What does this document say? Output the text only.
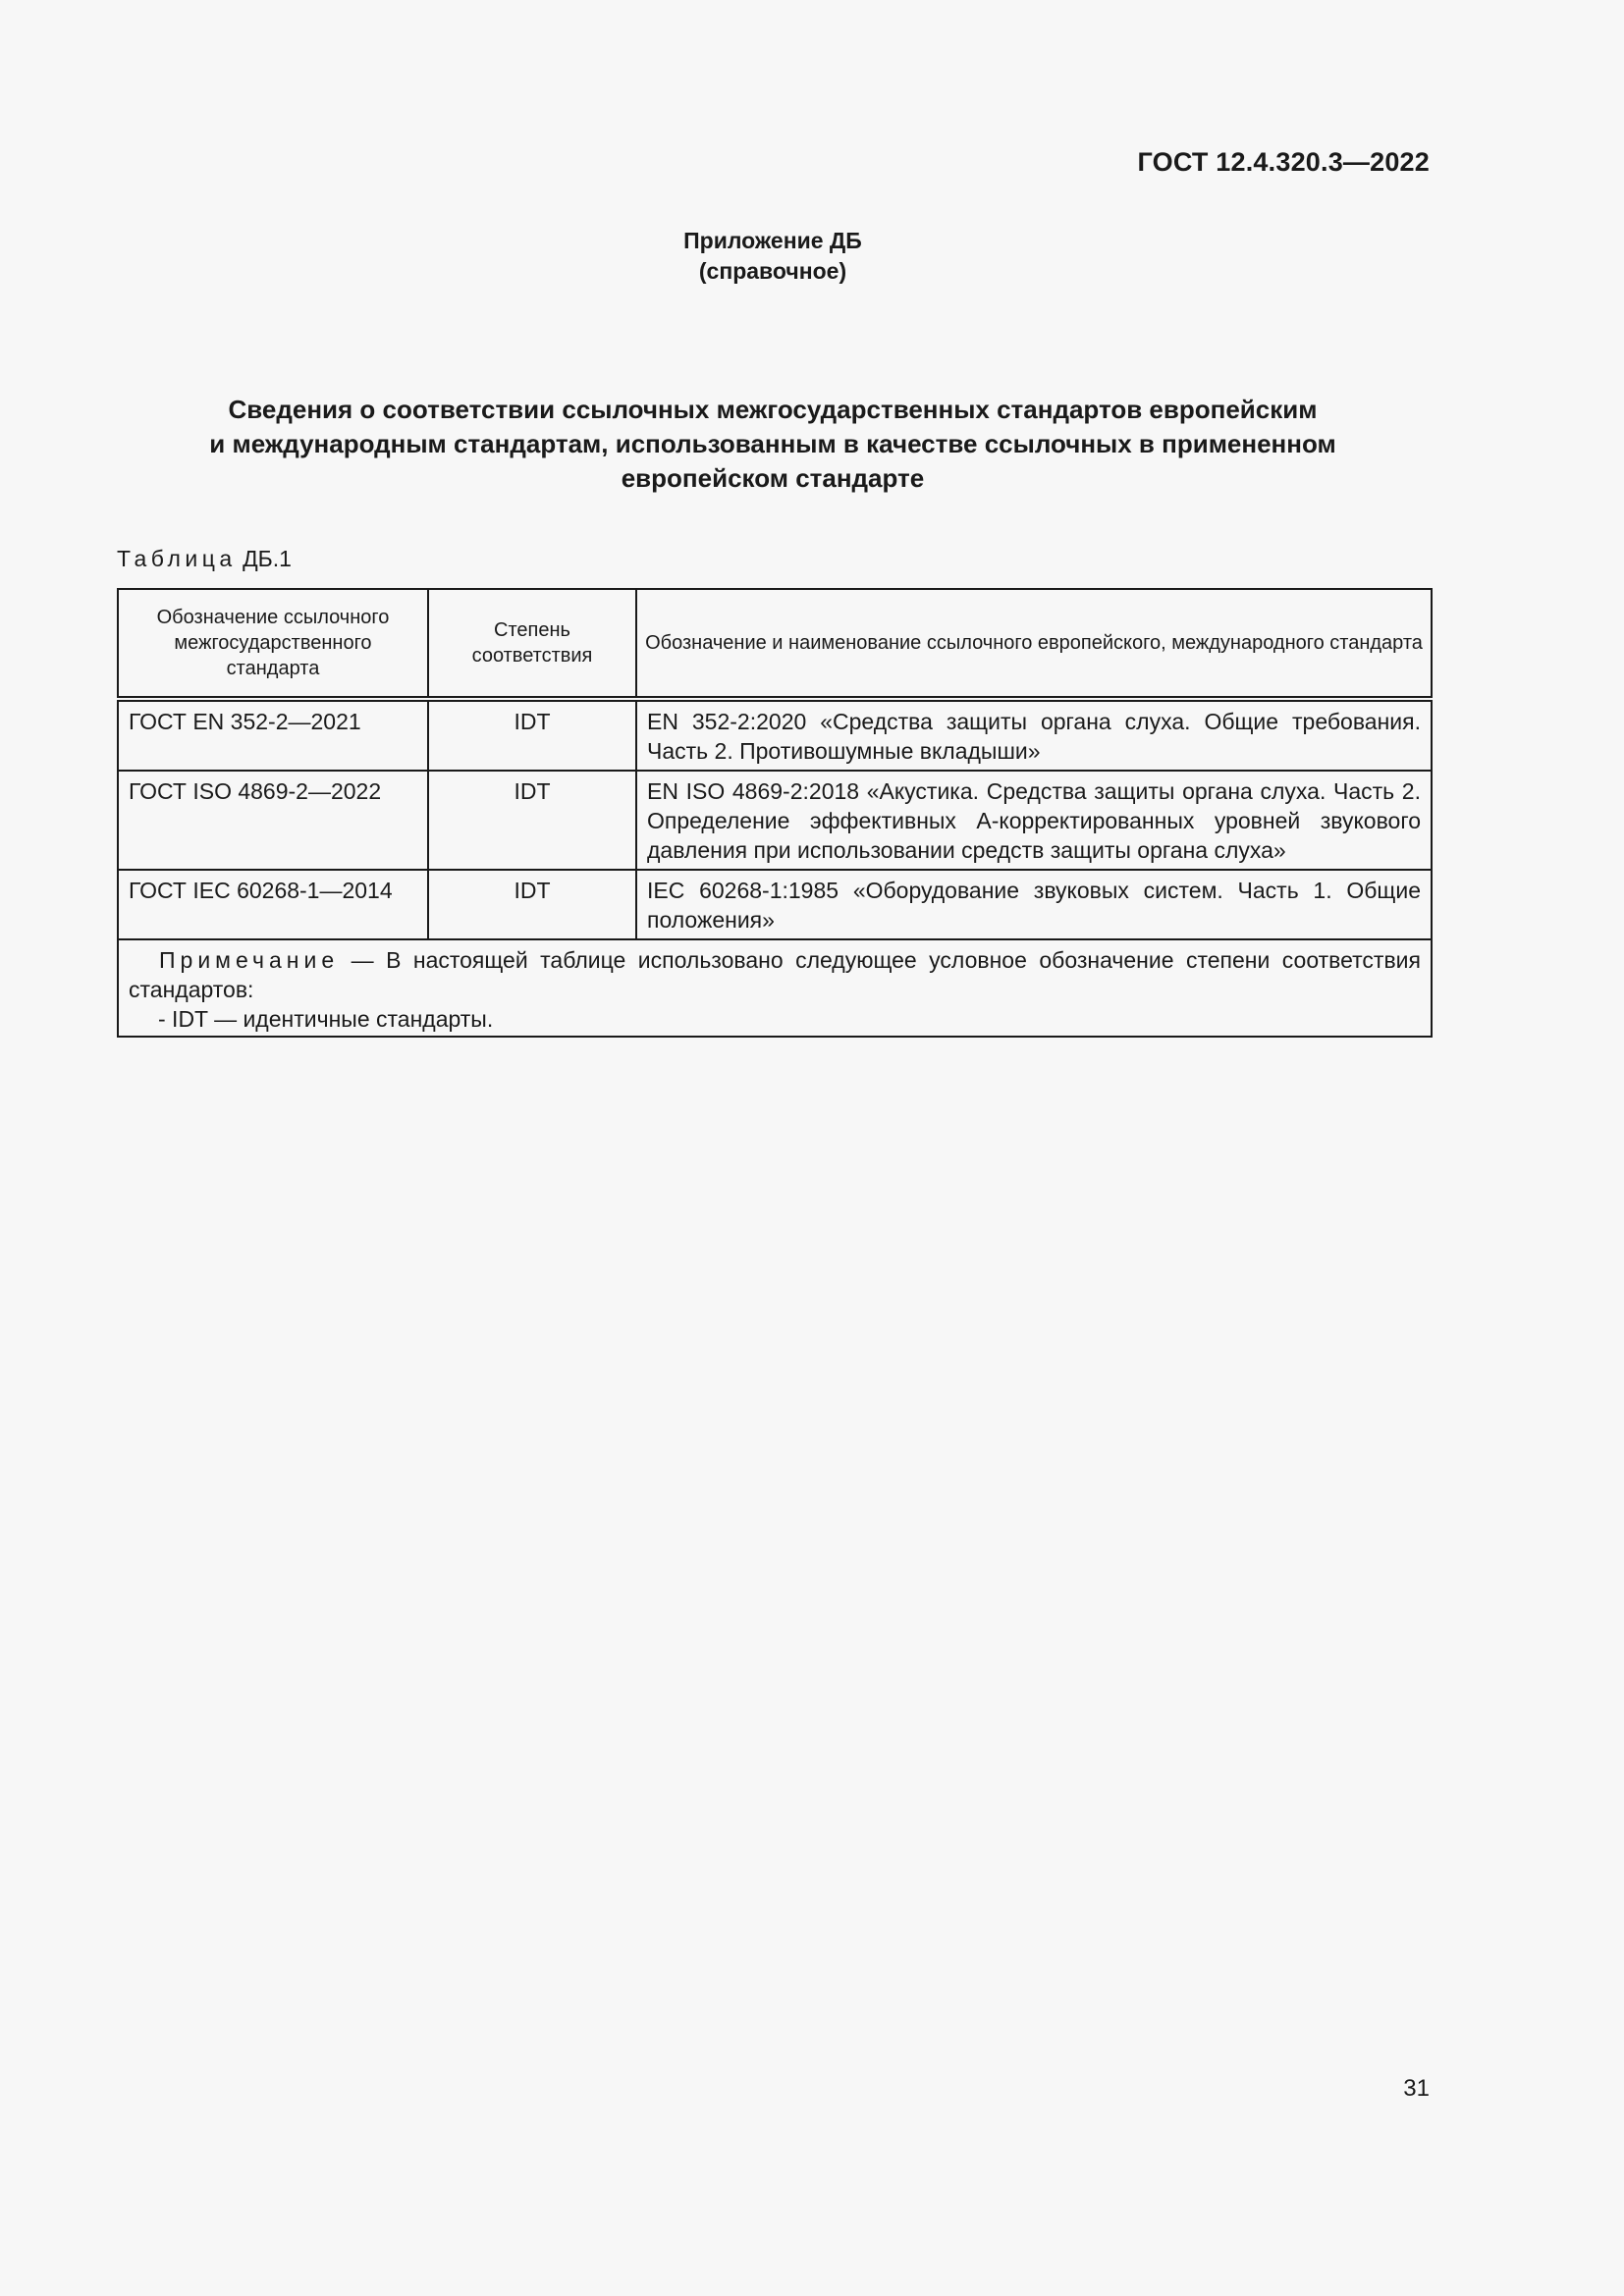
ГОСТ 12.4.320.3—2022
Приложение ДБ
(справочное)
Сведения о соответствии ссылочных межгосударственных стандартов европейским
и международным стандартам, использованным в качестве ссылочных в примененном
европейском стандарте
Таблица ДБ.1
Обозначение ссылочного межгосударственного стандарта	Степень соответствия	Обозначение и наименование ссылочного европейского, международного стандарта
ГОСТ EN 352-2—2021	IDT	EN 352-2:2020 «Средства защиты органа слуха. Общие требования. Часть 2. Противошумные вкладыши»
ГОСТ ISO 4869-2—2022	IDT	EN ISO 4869-2:2018 «Акустика. Средства защиты органа слуха. Часть 2. Определение эффективных А-корректированных уровней звукового давления при использовании средств защиты органа слуха»
ГОСТ IEC 60268-1—2014	IDT	IEC 60268-1:1985 «Оборудование звуковых систем. Часть 1. Общие положения»
Примечание — В настоящей таблице использовано следующее условное обозначение степени соответствия стандартов:
- IDT — идентичные стандарты.		
31
